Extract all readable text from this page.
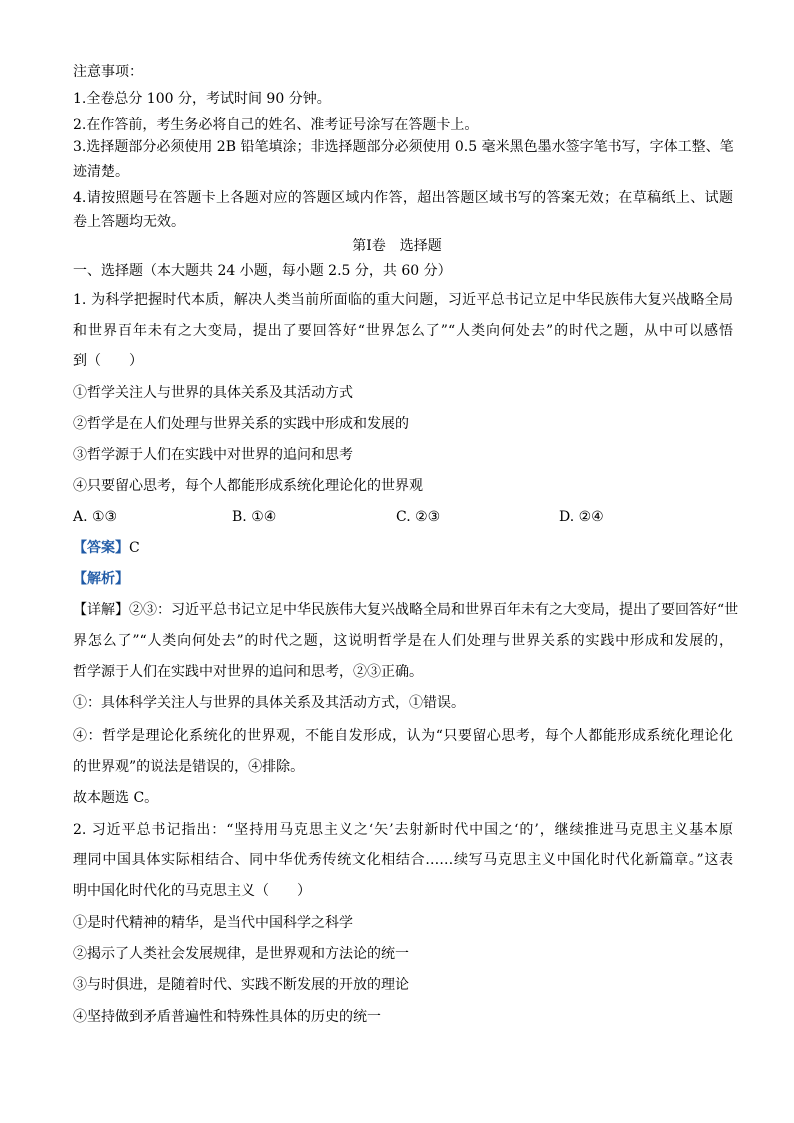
注意事项：
1.全卷总分 100 分，考试时间 90 分钟。
2.在作答前，考生务必将自己的姓名、准考证号涂写在答题卡上。
3.选择题部分必须使用 2B 铅笔填涂；非选择题部分必须使用 0.5 毫米黑色墨水签字笔书写，字体工整、笔
迹清楚。
4.请按照题号在答题卡上各题对应的答题区域内作答，超出答题区域书写的答案无效；在草稿纸上、试题
卷上答题均无效。
第Ⅰ卷　选择题
一、选择题（本大题共 24 小题，每小题 2.5 分，共 60 分）
1. 为科学把握时代本质，解决人类当前所面临的重大问题，习近平总书记立足中华民族伟大复兴战略全局
和世界百年未有之大变局，提出了要回答好“世界怎么了”“人类向何处去”的时代之题，从中可以感悟
到（　　）
①哲学关注人与世界的具体关系及其活动方式
②哲学是在人们处理与世界关系的实践中形成和发展的
③哲学源于人们在实践中对世界的追问和思考
④只要留心思考，每个人都能形成系统化理论化的世界观
A. ①③	B. ①④	C. ②③	D. ②④
【答案】C
【解析】
【详解】②③：习近平总书记立足中华民族伟大复兴战略全局和世界百年未有之大变局，提出了要回答好“世
界怎么了”“人类向何处去”的时代之题，这说明哲学是在人们处理与世界关系的实践中形成和发展的，
哲学源于人们在实践中对世界的追问和思考，②③正确。
①：具体科学关注人与世界的具体关系及其活动方式，①错误。
④：哲学是理论化系统化的世界观，不能自发形成，认为“只要留心思考，每个人都能形成系统化理论化
的世界观”的说法是错误的，④排除。
故本题选 C。
2. 习近平总书记指出：“坚持用马克思主义之‘矢’去射新时代中国之‘的’，继续推进马克思主义基本原
理同中国具体实际相结合、同中华优秀传统文化相结合……续写马克思主义中国化时代化新篇章。”这表
明中国化时代化的马克思主义（　　）
①是时代精神的精华，是当代中国科学之科学
②揭示了人类社会发展规律，是世界观和方法论的统一
③与时俱进，是随着时代、实践不断发展的开放的理论
④坚持做到矛盾普遍性和特殊性具体的历史的统一
